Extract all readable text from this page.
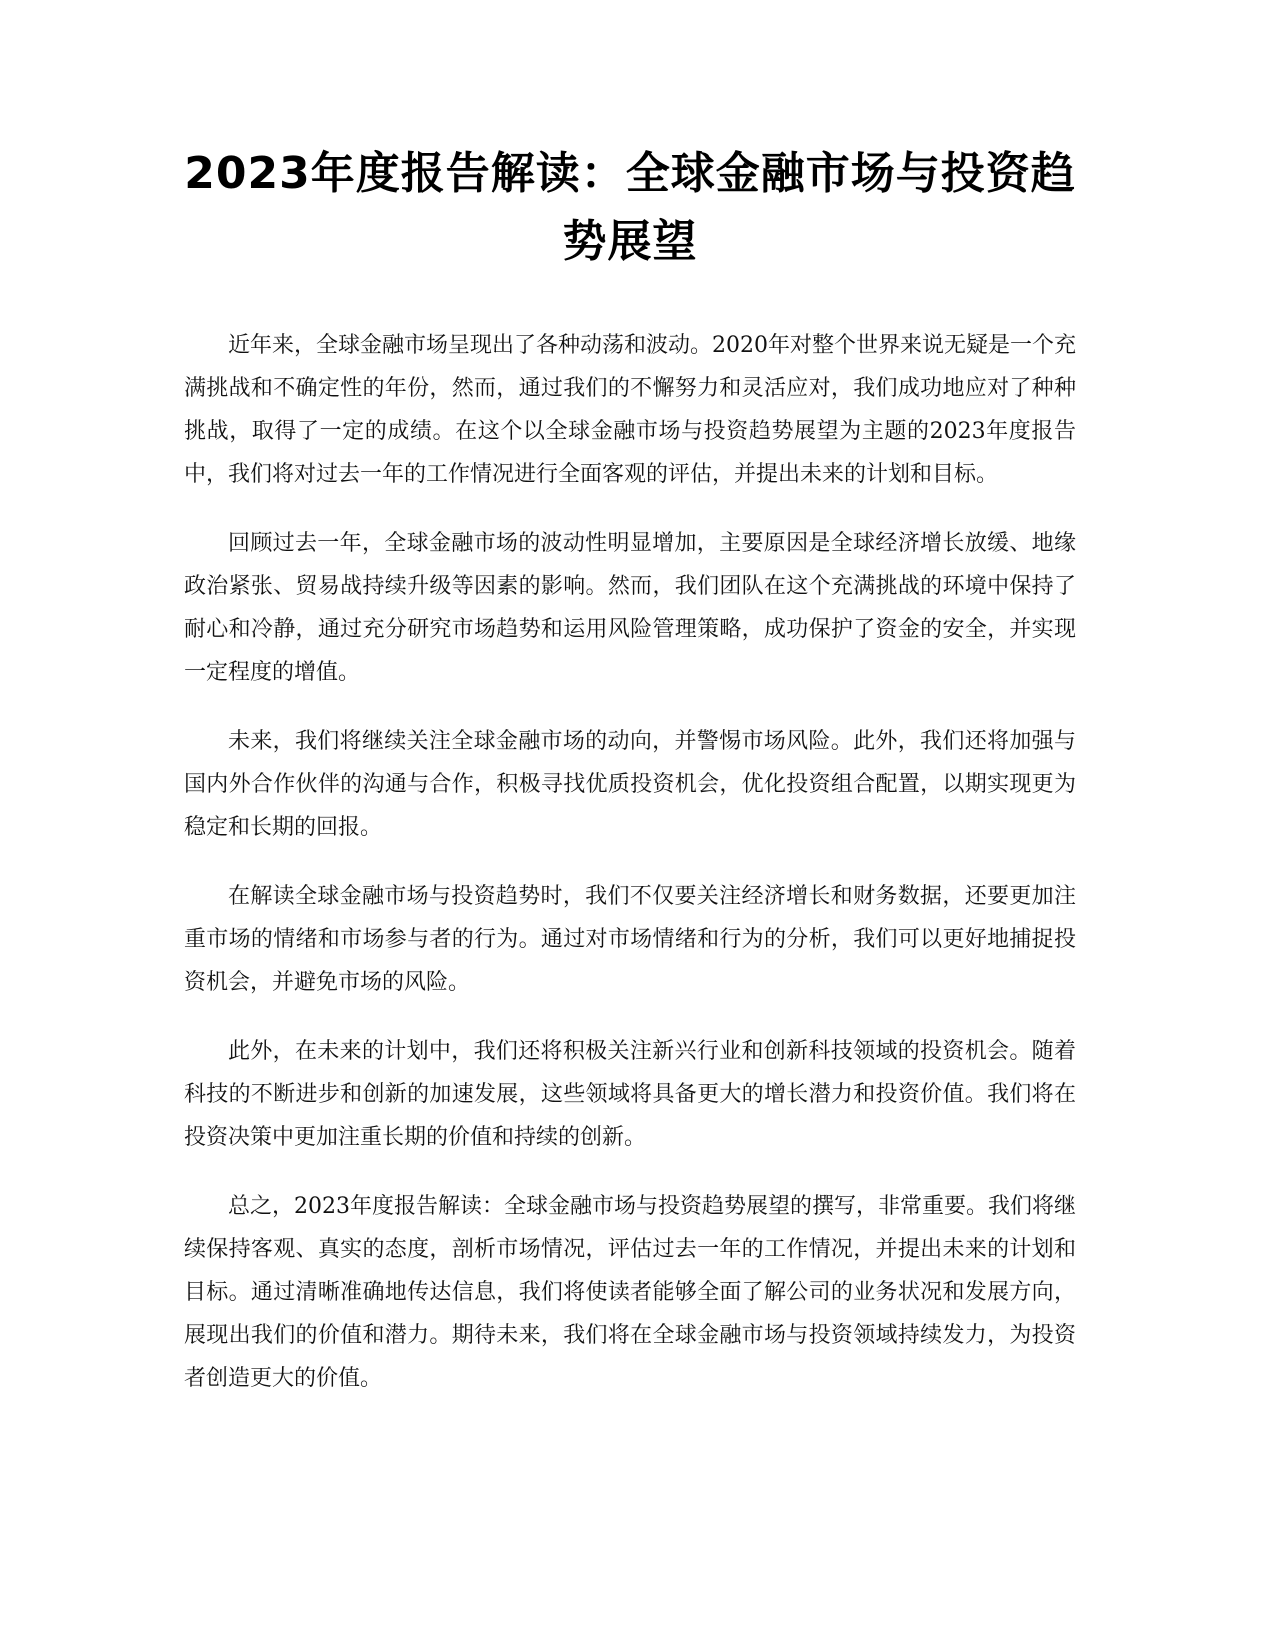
2023年度报告解读：全球金融市场与投资趋势展望

近年来，全球金融市场呈现出了各种动荡和波动。2020年对整个世界来说无疑是一个充满挑战和不确定性的年份，然而，通过我们的不懈努力和灵活应对，我们成功地应对了种种挑战，取得了一定的成绩。在这个以全球金融市场与投资趋势展望为主题的2023年度报告中，我们将对过去一年的工作情况进行全面客观的评估，并提出未来的计划和目标。

回顾过去一年，全球金融市场的波动性明显增加，主要原因是全球经济增长放缓、地缘政治紧张、贸易战持续升级等因素的影响。然而，我们团队在这个充满挑战的环境中保持了耐心和冷静，通过充分研究市场趋势和运用风险管理策略，成功保护了资金的安全，并实现一定程度的增值。

未来，我们将继续关注全球金融市场的动向，并警惕市场风险。此外，我们还将加强与国内外合作伙伴的沟通与合作，积极寻找优质投资机会，优化投资组合配置，以期实现更为稳定和长期的回报。

在解读全球金融市场与投资趋势时，我们不仅要关注经济增长和财务数据，还要更加注重市场的情绪和市场参与者的行为。通过对市场情绪和行为的分析，我们可以更好地捕捉投资机会，并避免市场的风险。

此外，在未来的计划中，我们还将积极关注新兴行业和创新科技领域的投资机会。随着科技的不断进步和创新的加速发展，这些领域将具备更大的增长潜力和投资价值。我们将在投资决策中更加注重长期的价值和持续的创新。

总之，2023年度报告解读：全球金融市场与投资趋势展望的撰写，非常重要。我们将继续保持客观、真实的态度，剖析市场情况，评估过去一年的工作情况，并提出未来的计划和目标。通过清晰准确地传达信息，我们将使读者能够全面了解公司的业务状况和发展方向，展现出我们的价值和潜力。期待未来，我们将在全球金融市场与投资领域持续发力，为投资者创造更大的价值。
